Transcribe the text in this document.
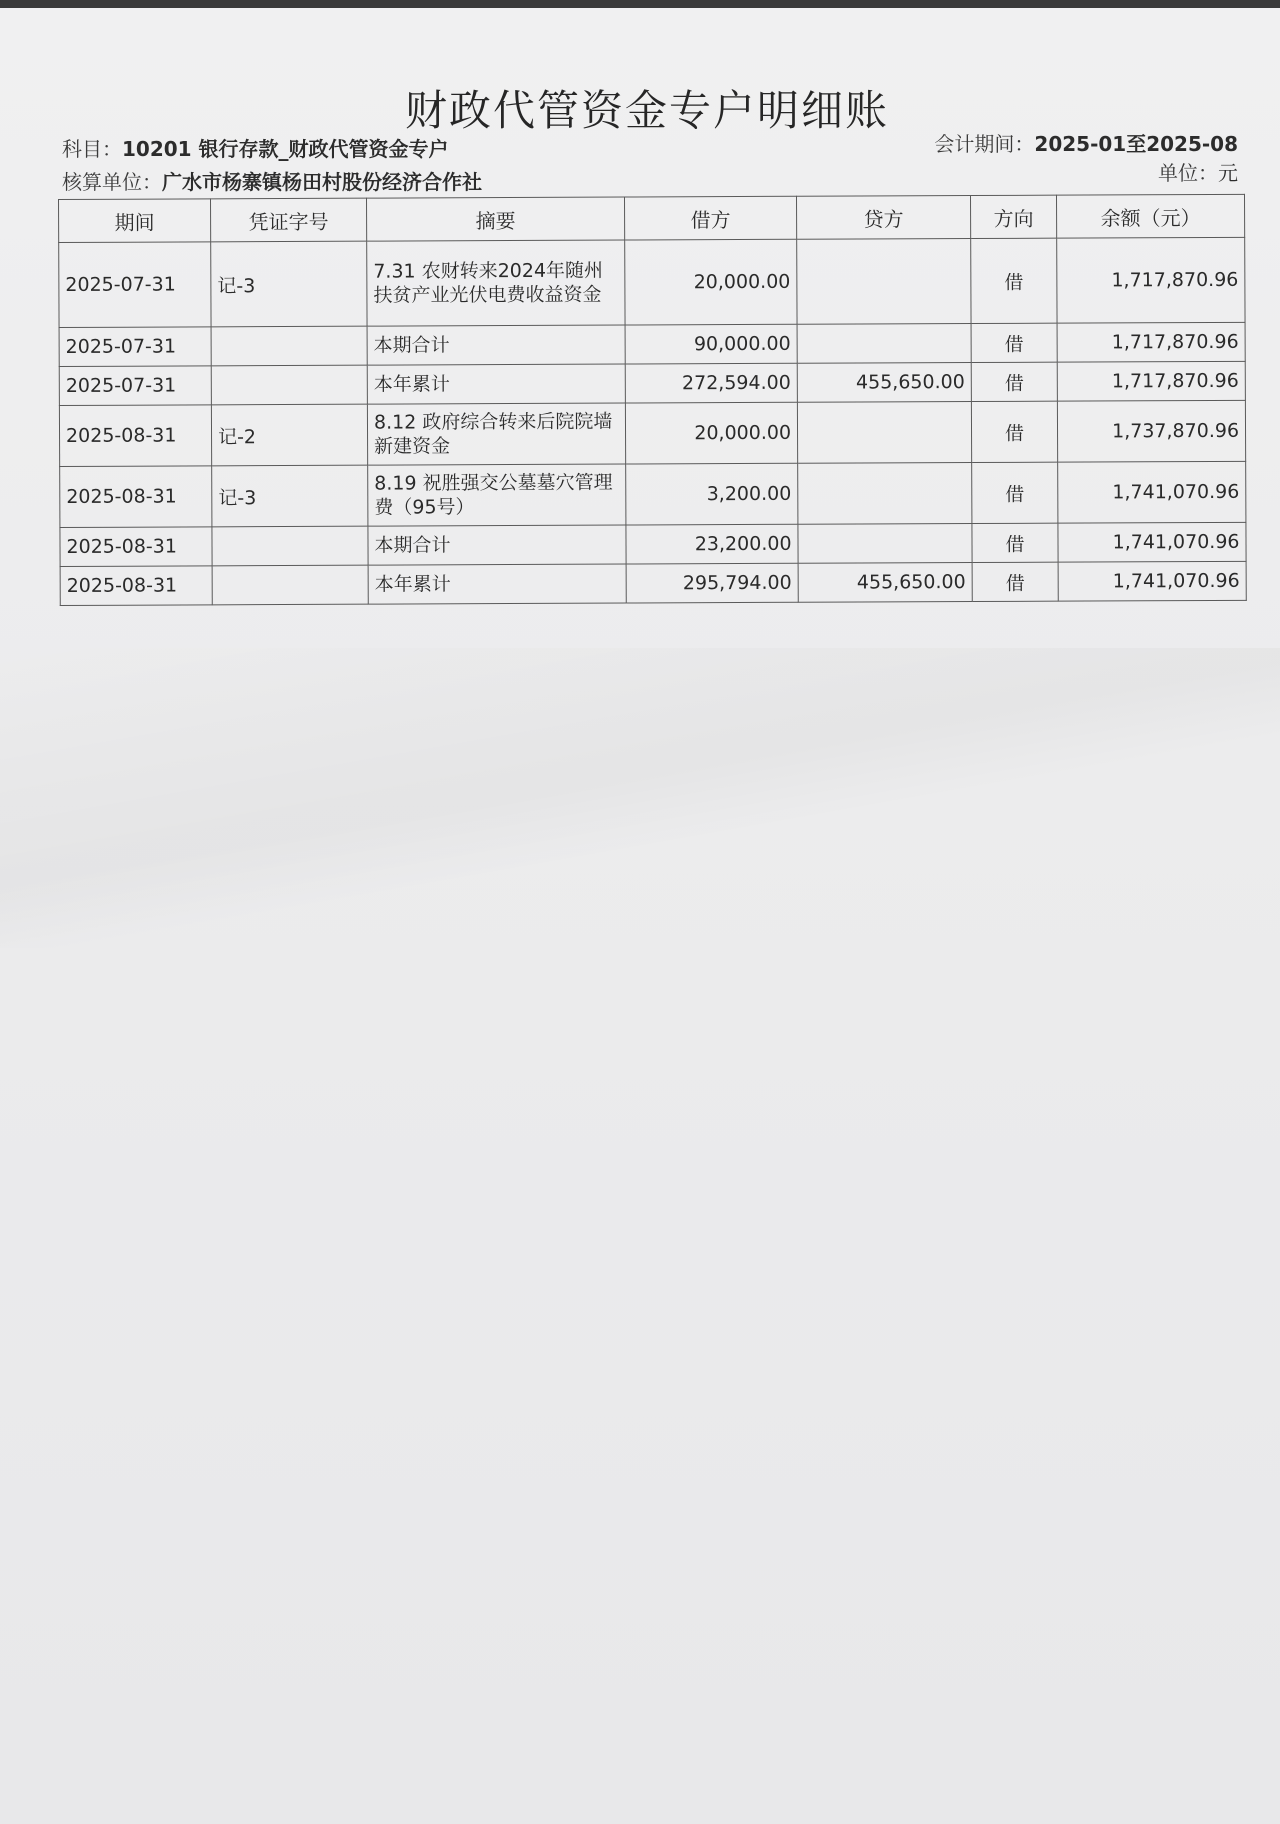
财政代管资金专户明细账
科目：10201 银行存款_财政代管资金专户
核算单位：广水市杨寨镇杨田村股份经济合作社
会计期间：2025-01至2025-08
单位：元
期间	凭证字号	摘要	借方	贷方	方向	余额（元）
2025-07-31	记-3	7.31 农财转来2024年随州扶贫产业光伏电费收益资金	20,000.00		借	1,717,870.96
2025-07-31		本期合计	90,000.00		借	1,717,870.96
2025-07-31		本年累计	272,594.00	455,650.00	借	1,717,870.96
2025-08-31	记-2	8.12 政府综合转来后院院墙新建资金	20,000.00		借	1,737,870.96
2025-08-31	记-3	8.19 祝胜强交公墓墓穴管理费（95号）	3,200.00		借	1,741,070.96
2025-08-31		本期合计	23,200.00		借	1,741,070.96
2025-08-31		本年累计	295,794.00	455,650.00	借	1,741,070.96
